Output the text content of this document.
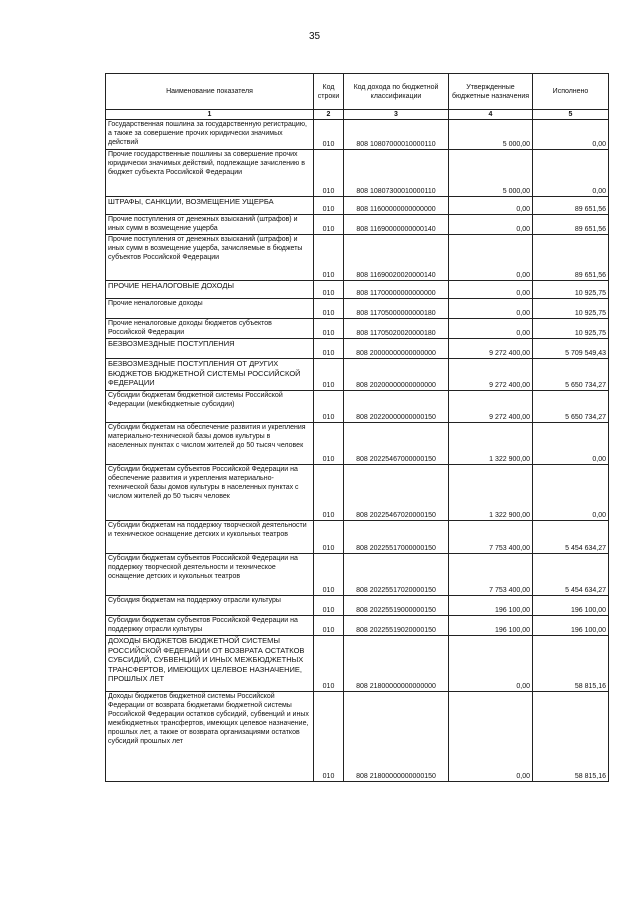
35
Наименование показателя	Код строки	Код дохода по бюджетной классификации	Утвержденные бюджетные назначения	Исполнено
1	2	3	4	5
Государственная пошлина за государственную регистрацию, а также за совершение прочих юридически значимых действий	010	808 10807000010000110	5 000,00	0,00
Прочие государственные пошлины за совершение прочих юридически значимых действий, подлежащие зачислению в бюджет субъекта Российской Федерации	010	808 10807300010000110	5 000,00	0,00
ШТРАФЫ, САНКЦИИ, ВОЗМЕЩЕНИЕ УЩЕРБА	010	808 11600000000000000	0,00	89 651,56
Прочие поступления от денежных взысканий (штрафов) и иных сумм в возмещение ущерба	010	808 11690000000000140	0,00	89 651,56
Прочие поступления от денежных взысканий (штрафов) и иных сумм в возмещение ущерба, зачисляемые в бюджеты субъектов Российской Федерации	010	808 11690020020000140	0,00	89 651,56
ПРОЧИЕ НЕНАЛОГОВЫЕ ДОХОДЫ	010	808 11700000000000000	0,00	10 925,75
Прочие неналоговые доходы	010	808 11705000000000180	0,00	10 925,75
Прочие неналоговые доходы бюджетов субъектов Российской Федерации	010	808 11705020020000180	0,00	10 925,75
БЕЗВОЗМЕЗДНЫЕ ПОСТУПЛЕНИЯ	010	808 20000000000000000	9 272 400,00	5 709 549,43
БЕЗВОЗМЕЗДНЫЕ ПОСТУПЛЕНИЯ ОТ ДРУГИХ БЮДЖЕТОВ БЮДЖЕТНОЙ СИСТЕМЫ РОССИЙСКОЙ ФЕДЕРАЦИИ	010	808 20200000000000000	9 272 400,00	5 650 734,27
Субсидии бюджетам бюджетной системы Российской Федерации (межбюджетные субсидии)	010	808 20220000000000150	9 272 400,00	5 650 734,27
Субсидии бюджетам на обеспечение развития и укрепления материально-технической базы домов культуры в населенных пунктах с числом жителей до 50 тысяч человек	010	808 20225467000000150	1 322 900,00	0,00
Субсидии бюджетам субъектов Российской Федерации на обеспечение развития и укрепления материально-технической базы домов культуры в населенных пунктах с числом жителей до 50 тысяч человек	010	808 20225467020000150	1 322 900,00	0,00
Субсидии бюджетам на поддержку творческой деятельности и техническое оснащение детских и кукольных театров	010	808 20225517000000150	7 753 400,00	5 454 634,27
Субсидии бюджетам субъектов Российской Федерации на поддержку творческой деятельности и техническое оснащение детских и кукольных театров	010	808 20225517020000150	7 753 400,00	5 454 634,27
Субсидия бюджетам на поддержку отрасли культуры	010	808 20225519000000150	196 100,00	196 100,00
Субсидии бюджетам субъектов Российской Федерации на поддержку отрасли культуры	010	808 20225519020000150	196 100,00	196 100,00
ДОХОДЫ БЮДЖЕТОВ БЮДЖЕТНОЙ СИСТЕМЫ РОССИЙСКОЙ ФЕДЕРАЦИИ ОТ ВОЗВРАТА ОСТАТКОВ СУБСИДИЙ, СУБВЕНЦИЙ И ИНЫХ МЕЖБЮДЖЕТНЫХ ТРАНСФЕРТОВ, ИМЕЮЩИХ ЦЕЛЕВОЕ НАЗНАЧЕНИЕ, ПРОШЛЫХ ЛЕТ	010	808 21800000000000000	0,00	58 815,16
Доходы бюджетов бюджетной системы Российской Федерации от возврата бюджетами бюджетной системы Российской Федерации остатков субсидий, субвенций и иных межбюджетных трансфертов, имеющих целевое назначение, прошлых лет, а также от возврата организациями остатков субсидий прошлых лет	010	808 21800000000000150	0,00	58 815,16
